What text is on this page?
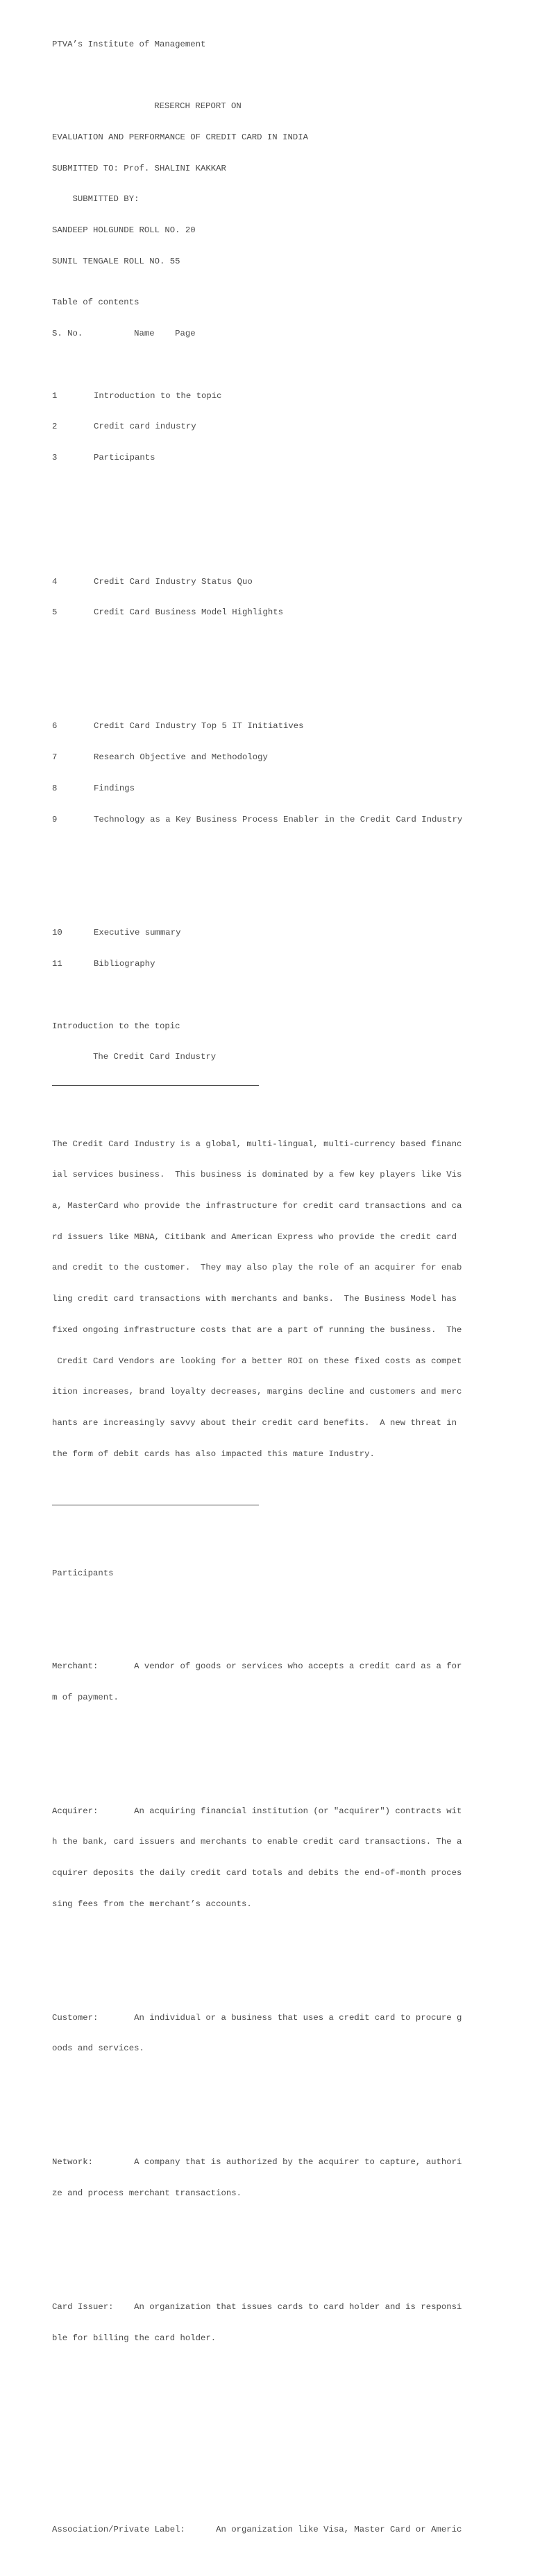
PTVA’s Institute of Management

RESERCH REPORT ON

EVALUATION AND PERFORMANCE OF CREDIT CARD IN INDIA

SUBMITTED TO: Prof. SHALINI KAKKAR

SUBMITTED BY:

SANDEEP HOLGUNDE ROLL NO. 20

SUNIL TENGALE ROLL NO. 55

Table of contents

S. No.          Name    Page

1	Introduction to the topic

2	Credit card industry

3	Participants

4	Credit Card Industry Status Quo

5	Credit Card Business Model Highlights

6	Credit Card Industry Top 5 IT Initiatives

7	Research Objective and Methodology

8	Findings

9	Technology as a Key Business Process Enabler in the Credit Card Industry

10	Executive summary

11	Bibliography

Introduction to the topic

The Credit Card Industry

The Credit Card Industry is a global, multi-lingual, multi-currency based financ

ial services business.  This business is dominated by a few key players like Vis

a, MasterCard who provide the infrastructure for credit card transactions and ca

rd issuers like MBNA, Citibank and American Express who provide the credit card

and credit to the customer.  They may also play the role of an acquirer for enab

ling credit card transactions with merchants and banks.  The Business Model has

fixed ongoing infrastructure costs that are a part of running the business.  The

Credit Card Vendors are looking for a better ROI on these fixed costs as compet

ition increases, brand loyalty decreases, margins decline and customers and merc

hants are increasingly savvy about their credit card benefits.  A new threat in

the form of debit cards has also impacted this mature Industry.

Participants

Merchant:       A vendor of goods or services who accepts a credit card as a for

m of payment.

Acquirer:       An acquiring financial institution (or "acquirer") contracts wit

h the bank, card issuers and merchants to enable credit card transactions. The a

cquirer deposits the daily credit card totals and debits the end-of-month proces

sing fees from the merchant’s accounts.

Customer:       An individual or a business that uses a credit card to procure g

oods and services.

Network:        A company that is authorized by the acquirer to capture, authori

ze and process merchant transactions.

Card Issuer:    An organization that issues cards to card holder and is responsi

ble for billing the card holder.

Association/Private Label:      An organization like Visa, Master Card or Americ
